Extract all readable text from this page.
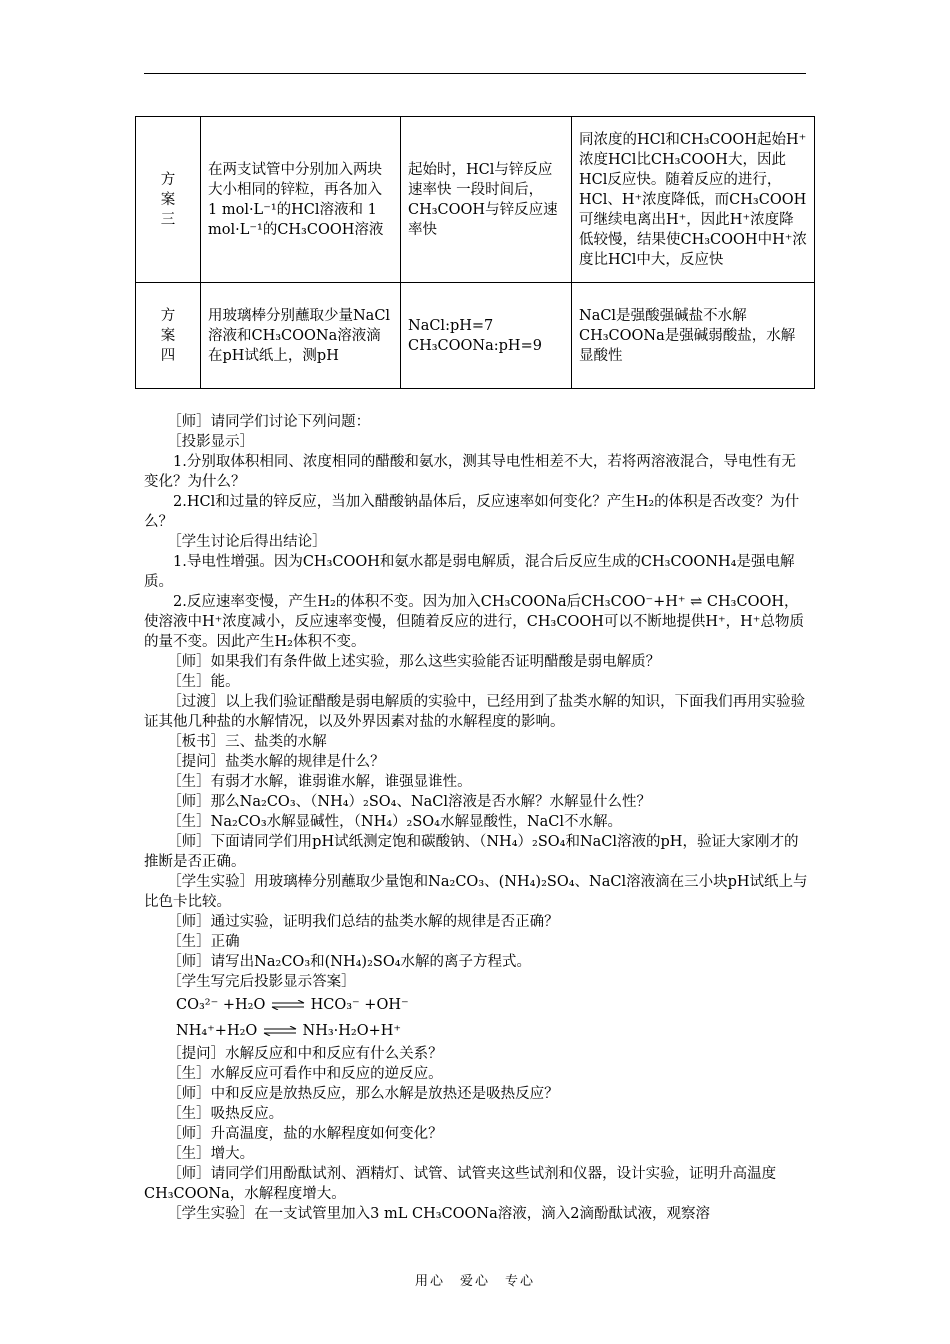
方案三	在两支试管中分别加入两块大小相同的锌粒，再各加入 1 mol·L⁻¹的HCl溶液和 1 mol·L⁻¹的CH₃COOH溶液	起始时，HCl与锌反应速率快 一段时间后，CH₃COOH与锌反应速率快	同浓度的HCl和CH₃COOH起始H⁺浓度HCl比CH₃COOH大，因此HCl反应快。随着反应的进行，HCl、H⁺浓度降低，而CH₃COOH可继续电离出H⁺，因此H⁺浓度降低较慢，结果使CH₃COOH中H⁺浓度比HCl中大，反应快
方案四	用玻璃棒分别蘸取少量NaCl溶液和CH₃COONa溶液滴在pH试纸上，测pH	NaCl:pH=7 CH₃COONa:pH=9	NaCl是强酸强碱盐不水解 CH₃COONa是强碱弱酸盐，水解显酸性

［师］请同学们讨论下列问题：

［投影显示］

1.分别取体积相同、浓度相同的醋酸和氨水，测其导电性相差不大，若将两溶液混合，导电性有无变化？为什么？

2.HCl和过量的锌反应，当加入醋酸钠晶体后，反应速率如何变化？产生H₂的体积是否改变？为什么？

［学生讨论后得出结论］

1.导电性增强。因为CH₃COOH和氨水都是弱电解质，混合后反应生成的CH₃COONH₄是强电解质。

2.反应速率变慢，产生H₂的体积不变。因为加入CH₃COONa后CH₃COO⁻+H⁺ ⇌ CH₃COOH，使溶液中H⁺浓度减小，反应速率变慢，但随着反应的进行，CH₃COOH可以不断地提供H⁺，H⁺总物质的量不变。因此产生H₂体积不变。

［师］如果我们有条件做上述实验，那么这些实验能否证明醋酸是弱电解质？

［生］能。

［过渡］以上我们验证醋酸是弱电解质的实验中，已经用到了盐类水解的知识，下面我们再用实验验证其他几种盐的水解情况，以及外界因素对盐的水解程度的影响。

［板书］三、盐类的水解

［提问］盐类水解的规律是什么？

［生］有弱才水解，谁弱谁水解，谁强显谁性。

［师］那么Na₂CO₃、（NH₄）₂SO₄、NaCl溶液是否水解？水解显什么性？

［生］Na₂CO₃水解显碱性，（NH₄）₂SO₄水解显酸性，NaCl不水解。

［师］下面请同学们用pH试纸测定饱和碳酸钠、（NH₄）₂SO₄和NaCl溶液的pH，验证大家刚才的推断是否正确。

［学生实验］用玻璃棒分别蘸取少量饱和Na₂CO₃、(NH₄)₂SO₄、NaCl溶液滴在三小块pH试纸上与比色卡比较。

［师］通过实验，证明我们总结的盐类水解的规律是否正确？

［生］正确

［师］请写出Na₂CO₃和(NH₄)₂SO₄水解的离子方程式。

［学生写完后投影显示答案］

CO₃²⁻ +H₂O ⇌ HCO₃⁻ +OH⁻

NH₄⁺+H₂O ⇌ NH₃·H₂O+H⁺

［提问］水解反应和中和反应有什么关系？

［生］水解反应可看作中和反应的逆反应。

［师］中和反应是放热反应，那么水解是放热还是吸热反应？

［生］吸热反应。

［师］升高温度，盐的水解程度如何变化？

［生］增大。

［师］请同学们用酚酞试剂、酒精灯、试管、试管夹这些试剂和仪器，设计实验，证明升高温度CH₃COONa，水解程度增大。

［学生实验］在一支试管里加入3 mL CH₃COONa溶液，滴入2滴酚酞试液，观察溶

用心　爱心　专心
